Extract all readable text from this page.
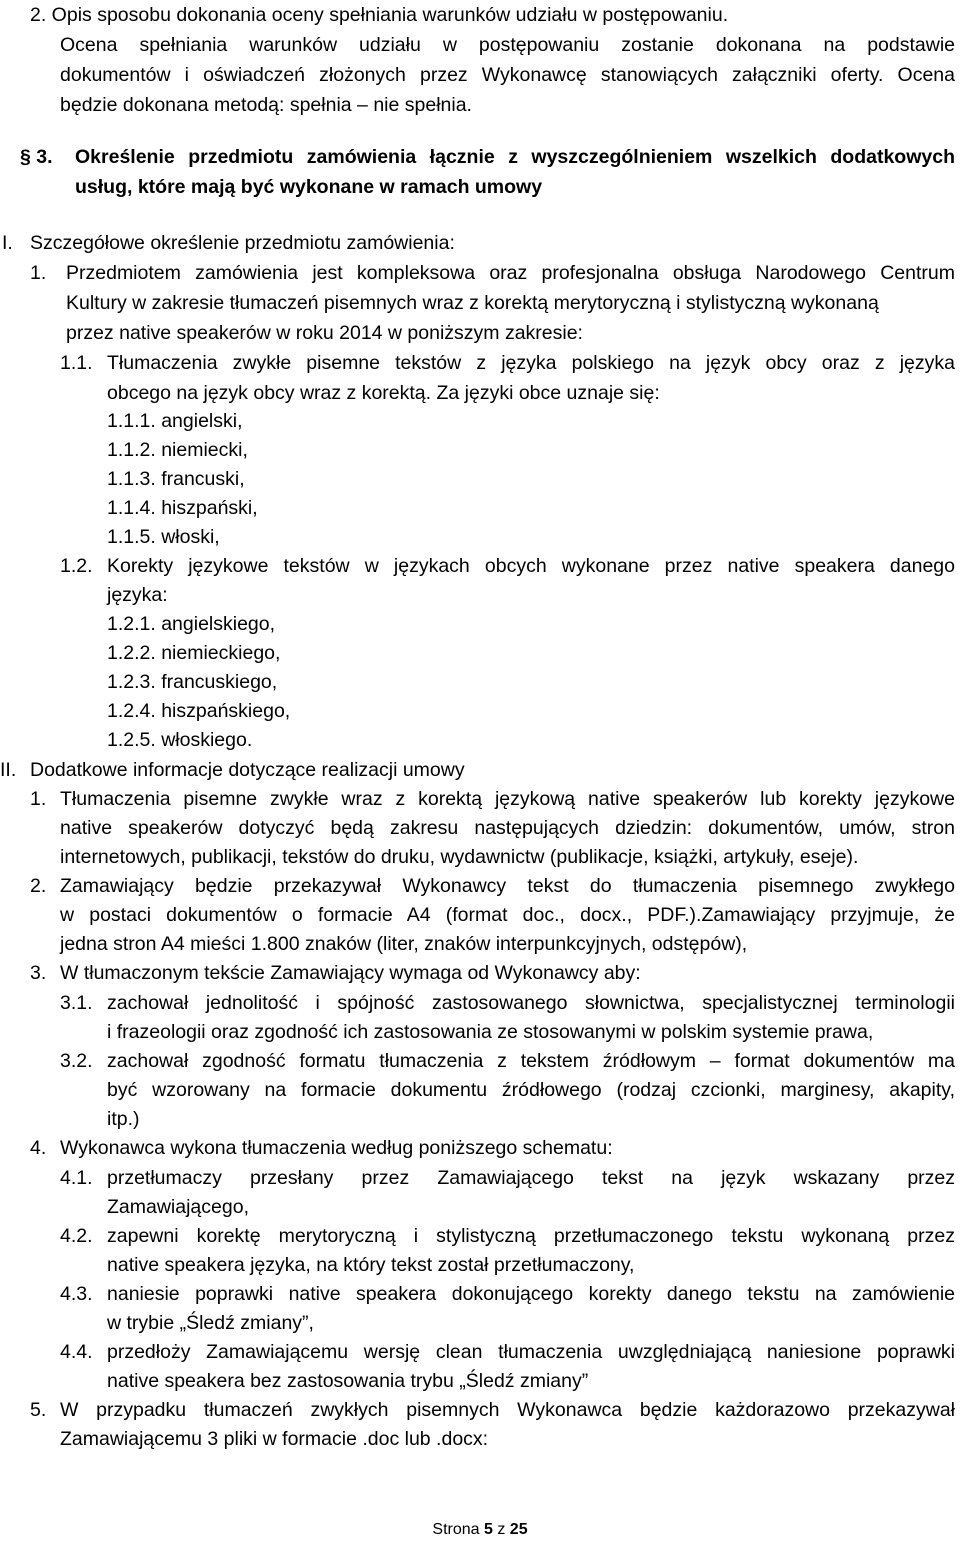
2. Opis sposobu dokonania oceny spełniania warunków udziału w postępowaniu.
Ocena spełniania warunków udziału w postępowaniu zostanie dokonana na podstawie
dokumentów i oświadczeń złożonych przez Wykonawcę stanowiących załączniki oferty. Ocena
będzie dokonana metodą: spełnia – nie spełnia.
§ 3. Określenie przedmiotu zamówienia łącznie z wyszczególnieniem wszelkich dodatkowych
usług, które mają być wykonane w ramach umowy
I. Szczegółowe określenie przedmiotu zamówienia:
1. Przedmiotem zamówienia jest kompleksowa oraz profesjonalna obsługa Narodowego Centrum
Kultury w zakresie tłumaczeń pisemnych wraz z korektą merytoryczną i stylistyczną wykonaną
przez native speakerów w roku 2014 w poniższym zakresie:
1.1. Tłumaczenia zwykłe pisemne tekstów z języka polskiego na język obcy oraz z języka
obcego na język obcy wraz z korektą. Za języki obce uznaje się:
1.1.1. angielski,
1.1.2. niemiecki,
1.1.3. francuski,
1.1.4. hiszpański,
1.1.5. włoski,
1.2. Korekty językowe tekstów w językach obcych wykonane przez native speakera danego
języka:
1.2.1. angielskiego,
1.2.2. niemieckiego,
1.2.3. francuskiego,
1.2.4. hiszpańskiego,
1.2.5. włoskiego.
II. Dodatkowe informacje dotyczące realizacji umowy
1. Tłumaczenia pisemne zwykłe wraz z korektą językową native speakerów lub korekty językowe
native speakerów dotyczyć będą zakresu następujących dziedzin: dokumentów, umów, stron
internetowych, publikacji, tekstów do druku, wydawnictw (publikacje, książki, artykuły, eseje).
2. Zamawiający będzie przekazywał Wykonawcy tekst do tłumaczenia pisemnego zwykłego
w postaci dokumentów o formacie A4 (format doc., docx., PDF.).Zamawiający przyjmuje, że
jedna stron A4 mieści 1.800 znaków (liter, znaków interpunkcyjnych, odstępów),
3. W tłumaczonym tekście Zamawiający wymaga od Wykonawcy aby:
3.1. zachował jednolitość i spójność zastosowanego słownictwa, specjalistycznej terminologii
i frazeologii oraz zgodność ich zastosowania ze stosowanymi w polskim systemie prawa,
3.2. zachował zgodność formatu tłumaczenia z tekstem źródłowym – format dokumentów ma
być wzorowany na formacie dokumentu źródłowego (rodzaj czcionki, marginesy, akapity,
itp.)
4. Wykonawca wykona tłumaczenia według poniższego schematu:
4.1. przetłumaczy przesłany przez Zamawiającego tekst na język wskazany przez
Zamawiającego,
4.2. zapewni korektę merytoryczną i stylistyczną przetłumaczonego tekstu wykonaną przez
native speakera języka, na który tekst został przetłumaczony,
4.3. naniesie poprawki native speakera dokonującego korekty danego tekstu na zamówienie
w trybie „Śledź zmiany”,
4.4. przedłoży Zamawiającemu wersję clean tłumaczenia uwzględniającą naniesione poprawki
native speakera bez zastosowania trybu „Śledź zmiany”
5. W przypadku tłumaczeń zwykłych pisemnych Wykonawca będzie każdorazowo przekazywał
Zamawiającemu 3 pliki w formacie .doc lub .docx:
Strona 5 z 25
